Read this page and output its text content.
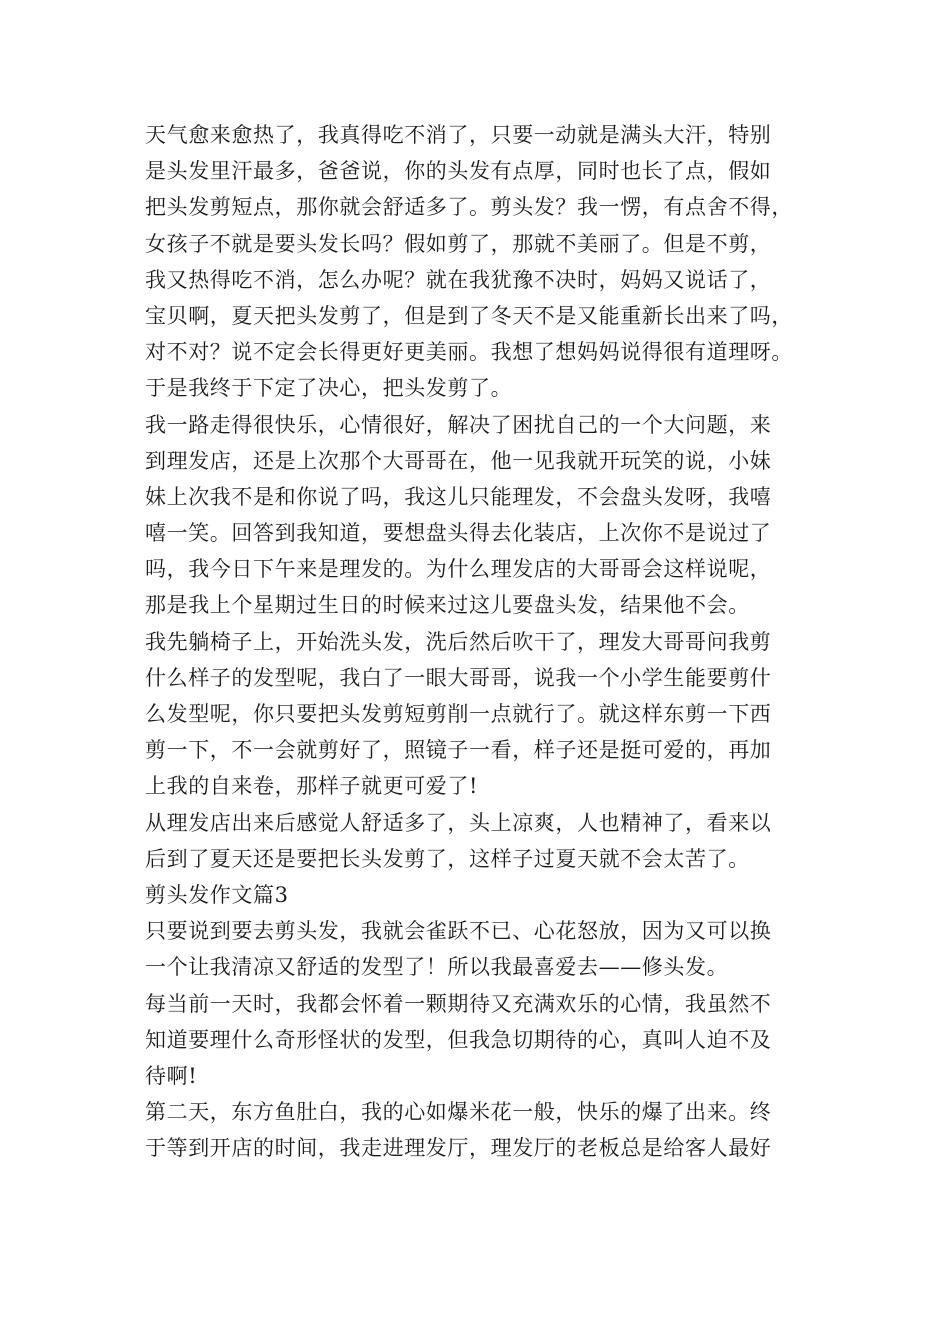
天气愈来愈热了，我真得吃不消了，只要一动就是满头大汗，特别
是头发里汗最多，爸爸说，你的头发有点厚，同时也长了点，假如
把头发剪短点，那你就会舒适多了。剪头发？我一愣，有点舍不得，
女孩子不就是要头发长吗？假如剪了，那就不美丽了。但是不剪，
我又热得吃不消，怎么办呢？就在我犹豫不决时，妈妈又说话了，
宝贝啊，夏天把头发剪了，但是到了冬天不是又能重新长出来了吗，
对不对？说不定会长得更好更美丽。我想了想妈妈说得很有道理呀。
于是我终于下定了决心，把头发剪了。
我一路走得很快乐，心情很好，解决了困扰自己的一个大问题，来
到理发店，还是上次那个大哥哥在，他一见我就开玩笑的说，小妹
妹上次我不是和你说了吗，我这儿只能理发，不会盘头发呀，我嘻
嘻一笑。回答到我知道，要想盘头得去化装店，上次你不是说过了
吗，我今日下午来是理发的。为什么理发店的大哥哥会这样说呢，
那是我上个星期过生日的时候来过这儿要盘头发，结果他不会。
我先躺椅子上，开始洗头发，洗后然后吹干了，理发大哥哥问我剪
什么样子的发型呢，我白了一眼大哥哥，说我一个小学生能要剪什
么发型呢，你只要把头发剪短剪削一点就行了。就这样东剪一下西
剪一下，不一会就剪好了，照镜子一看，样子还是挺可爱的，再加
上我的自来卷，那样子就更可爱了!
从理发店出来后感觉人舒适多了，头上凉爽，人也精神了，看来以
后到了夏天还是要把长头发剪了，这样子过夏天就不会太苦了。
剪头发作文篇3
只要说到要去剪头发，我就会雀跃不已、心花怒放，因为又可以换
一个让我清凉又舒适的发型了！所以我最喜爱去——修头发。
每当前一天时，我都会怀着一颗期待又充满欢乐的心情，我虽然不
知道要理什么奇形怪状的发型，但我急切期待的心，真叫人迫不及
待啊!
第二天，东方鱼肚白，我的心如爆米花一般，快乐的爆了出来。终
于等到开店的时间，我走进理发厅，理发厅的老板总是给客人最好
